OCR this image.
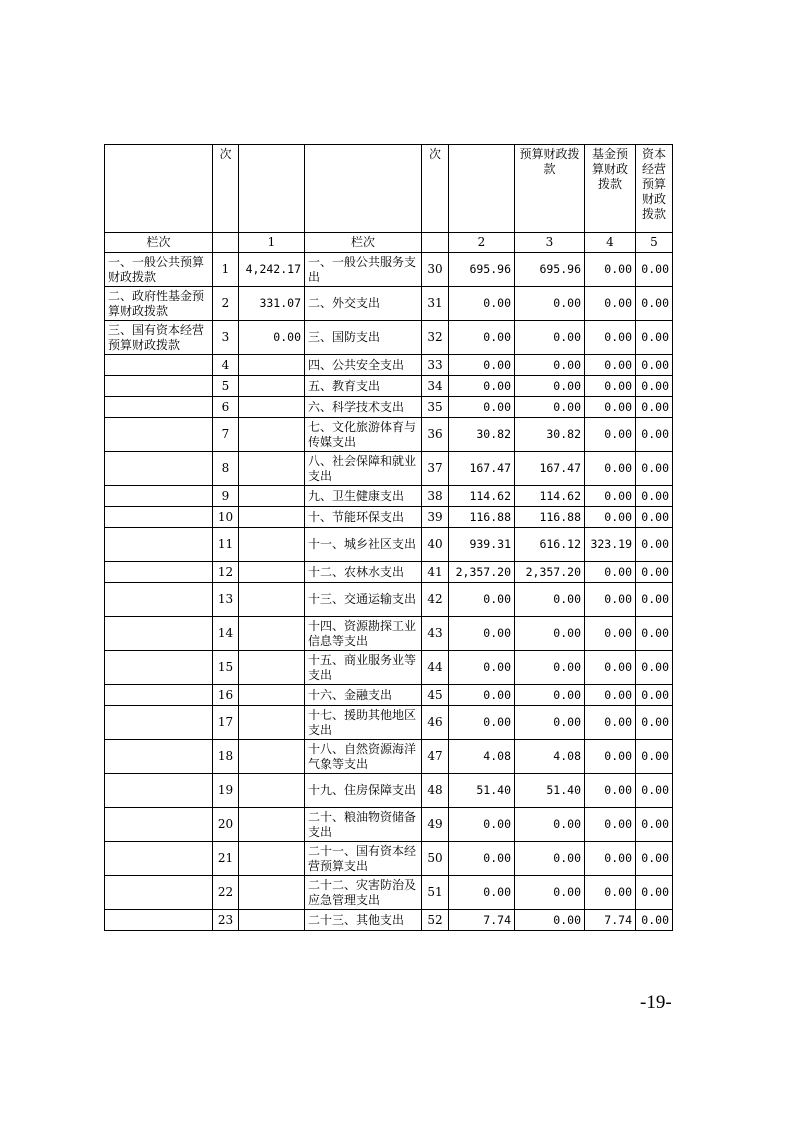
	次			次		预算财政拨款	基金预算财政拨款	资本经营预算财政拨款
栏次		1	栏次		2	3	4	5
一、一般公共预算财政拨款	1	4,242.17	一、一般公共服务支出	30	695.96	695.96	0.00	0.00
二、政府性基金预算财政拨款	2	331.07	二、外交支出	31	0.00	0.00	0.00	0.00
三、国有资本经营预算财政拨款	3	0.00	三、国防支出	32	0.00	0.00	0.00	0.00
	4		四、公共安全支出	33	0.00	0.00	0.00	0.00
	5		五、教育支出	34	0.00	0.00	0.00	0.00
	6		六、科学技术支出	35	0.00	0.00	0.00	0.00
	7		七、文化旅游体育与传媒支出	36	30.82	30.82	0.00	0.00
	8		八、社会保障和就业支出	37	167.47	167.47	0.00	0.00
	9		九、卫生健康支出	38	114.62	114.62	0.00	0.00
	10		十、节能环保支出	39	116.88	116.88	0.00	0.00
	11		十一、城乡社区支出	40	939.31	616.12	323.19	0.00
	12		十二、农林水支出	41	2,357.20	2,357.20	0.00	0.00
	13		十三、交通运输支出	42	0.00	0.00	0.00	0.00
	14		十四、资源勘探工业信息等支出	43	0.00	0.00	0.00	0.00
	15		十五、商业服务业等支出	44	0.00	0.00	0.00	0.00
	16		十六、金融支出	45	0.00	0.00	0.00	0.00
	17		十七、援助其他地区支出	46	0.00	0.00	0.00	0.00
	18		十八、自然资源海洋气象等支出	47	4.08	4.08	0.00	0.00
	19		十九、住房保障支出	48	51.40	51.40	0.00	0.00
	20		二十、粮油物资储备支出	49	0.00	0.00	0.00	0.00
	21		二十一、国有资本经营预算支出	50	0.00	0.00	0.00	0.00
	22		二十二、灾害防治及应急管理支出	51	0.00	0.00	0.00	0.00
	23		二十三、其他支出	52	7.74	0.00	7.74	0.00
-19-
